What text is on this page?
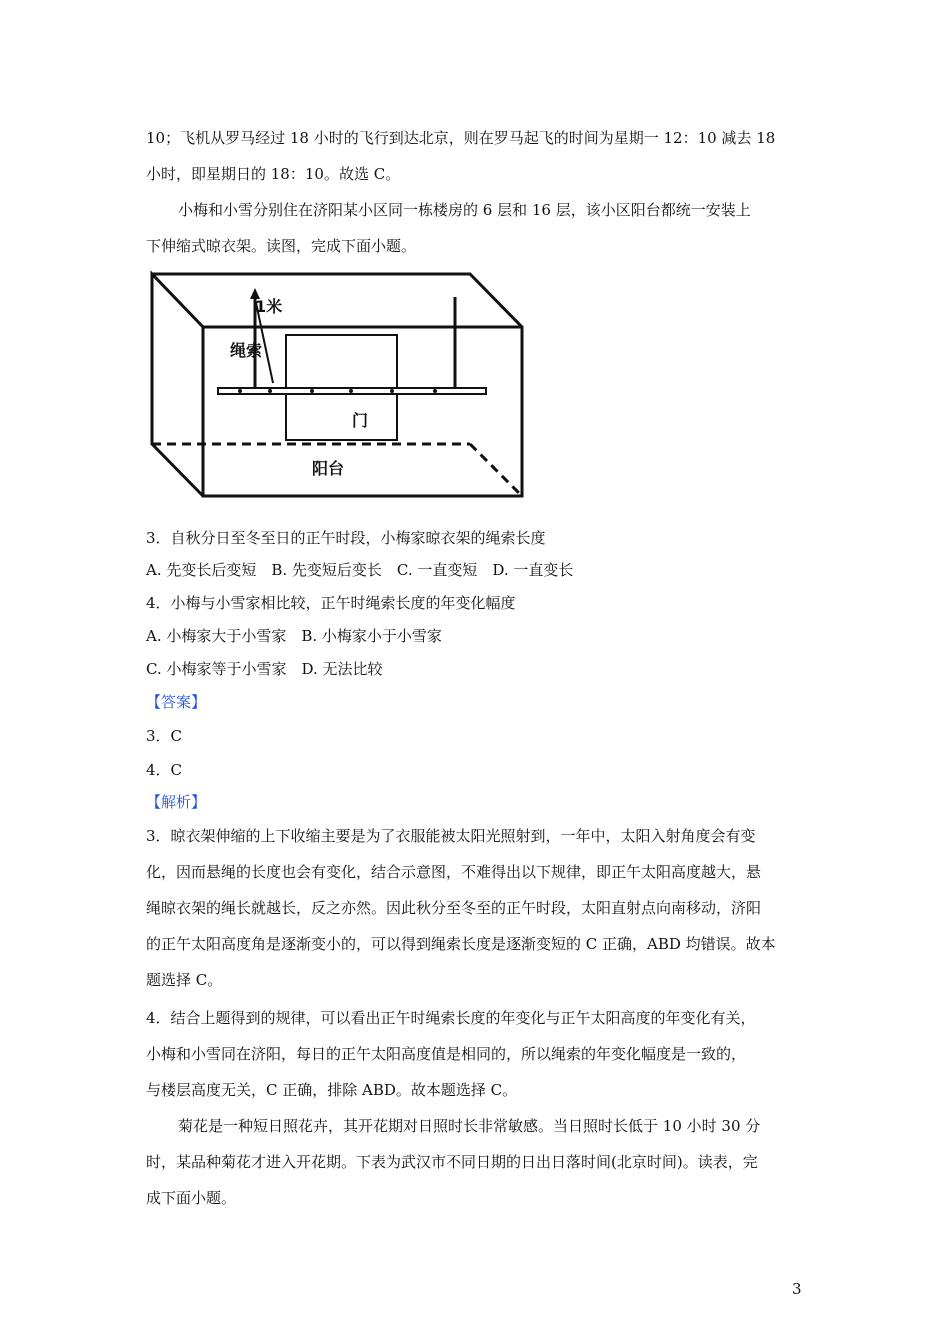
10；飞机从罗马经过 18 小时的飞行到达北京，则在罗马起飞的时间为星期一 12：10 减去 18
小时，即星期日的 18：10。故选 C。
小梅和小雪分别住在济阳某小区同一栋楼房的 6 层和 16 层，该小区阳台都统一安装上
下伸缩式晾衣架。读图，完成下面小题。
1米
绳索
门
阳台
3．自秋分日至冬至日的正午时段，小梅家晾衣架的绳索长度
A. 先变长后变短　B. 先变短后变长　C. 一直变短　D. 一直变长
4．小梅与小雪家相比较，正午时绳索长度的年变化幅度
A. 小梅家大于小雪家　B. 小梅家小于小雪家
C. 小梅家等于小雪家　D. 无法比较
【答案】
3．C
4．C
【解析】
3．晾衣架伸缩的上下收缩主要是为了衣服能被太阳光照射到，一年中，太阳入射角度会有变
化，因而悬绳的长度也会有变化，结合示意图，不难得出以下规律，即正午太阳高度越大，悬
绳晾衣架的绳长就越长，反之亦然。因此秋分至冬至的正午时段，太阳直射点向南移动，济阳
的正午太阳高度角是逐渐变小的，可以得到绳索长度是逐渐变短的 C 正确，ABD 均错误。故本
题选择 C。
4．结合上题得到的规律，可以看出正午时绳索长度的年变化与正午太阳高度的年变化有关，
小梅和小雪同在济阳，每日的正午太阳高度值是相同的，所以绳索的年变化幅度是一致的，
与楼层高度无关，C 正确，排除 ABD。故本题选择 C。
菊花是一种短日照花卉，其开花期对日照时长非常敏感。当日照时长低于 10 小时 30 分
时，某品种菊花才进入开花期。下表为武汉市不同日期的日出日落时间(北京时间)。读表，完
成下面小题。
3
